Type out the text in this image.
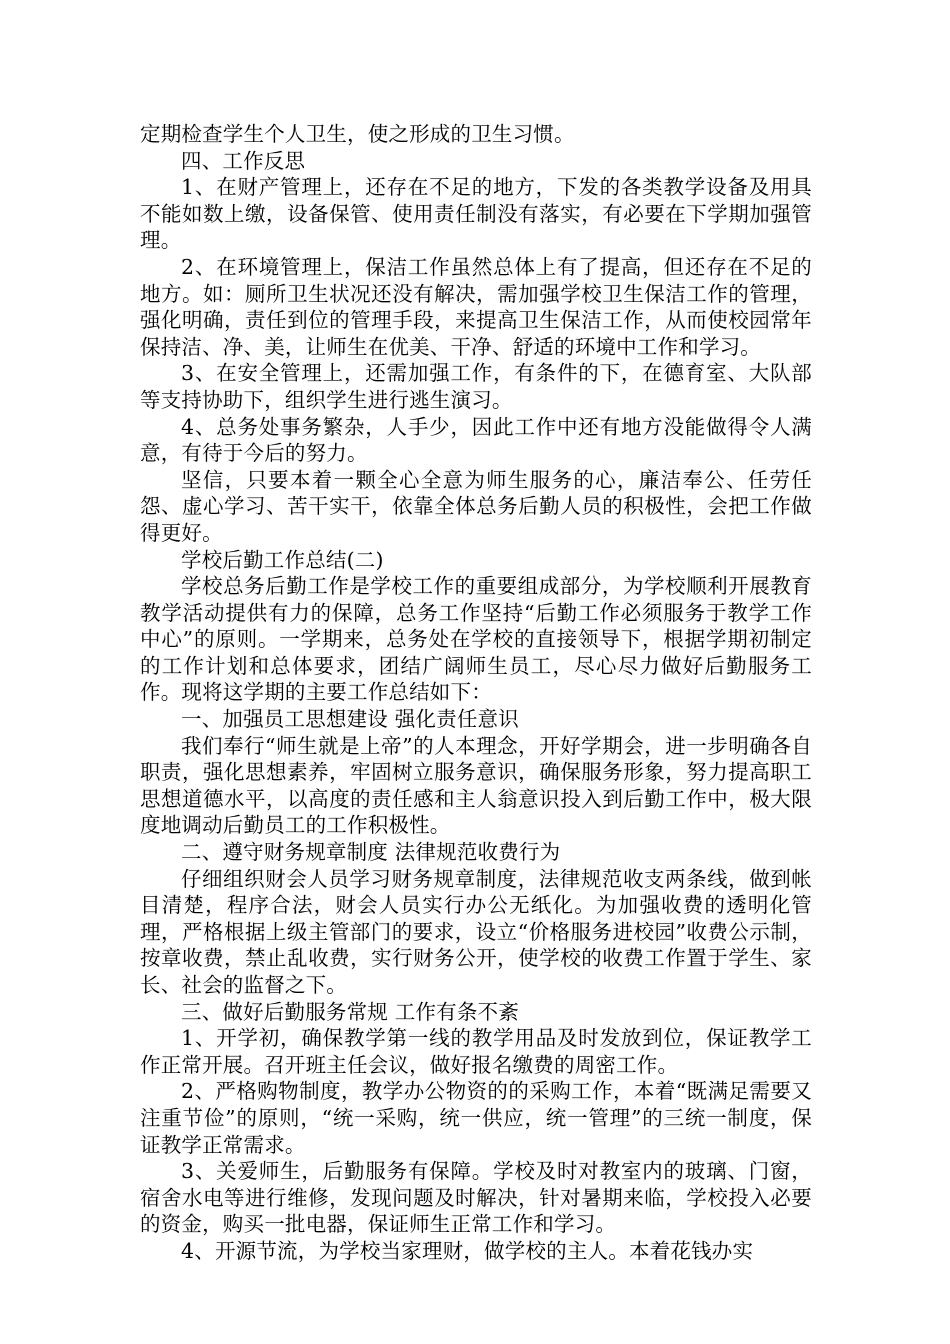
定期检查学生个人卫生，使之形成的卫生习惯。

四、工作反思

1、在财产管理上，还存在不足的地方，下发的各类教学设备及用具不能如数上缴，设备保管、使用责任制没有落实，有必要在下学期加强管理。

2、在环境管理上，保洁工作虽然总体上有了提高，但还存在不足的地方。如：厕所卫生状况还没有解决，需加强学校卫生保洁工作的管理，强化明确，责任到位的管理手段，来提高卫生保洁工作，从而使校园常年保持洁、净、美，让师生在优美、干净、舒适的环境中工作和学习。

3、在安全管理上，还需加强工作，有条件的下，在德育室、大队部等支持协助下，组织学生进行逃生演习。

4、总务处事务繁杂，人手少，因此工作中还有地方没能做得令人满意，有待于今后的努力。

坚信，只要本着一颗全心全意为师生服务的心，廉洁奉公、任劳任怨、虚心学习、苦干实干，依靠全体总务后勤人员的积极性，会把工作做得更好。

学校后勤工作总结(二)

学校总务后勤工作是学校工作的重要组成部分，为学校顺利开展教育教学活动提供有力的保障，总务工作坚持“后勤工作必须服务于教学工作中心”的原则。一学期来，总务处在学校的直接领导下，根据学期初制定的工作计划和总体要求，团结广阔师生员工，尽心尽力做好后勤服务工作。现将这学期的主要工作总结如下：

一、加强员工思想建设 强化责任意识

我们奉行“师生就是上帝”的人本理念，开好学期会，进一步明确各自职责，强化思想素养，牢固树立服务意识，确保服务形象，努力提高职工思想道德水平，以高度的责任感和主人翁意识投入到后勤工作中，极大限度地调动后勤员工的工作积极性。

二、遵守财务规章制度 法律规范收费行为

仔细组织财会人员学习财务规章制度，法律规范收支两条线，做到帐目清楚，程序合法，财会人员实行办公无纸化。为加强收费的透明化管理，严格根据上级主管部门的要求，设立“价格服务进校园”收费公示制，按章收费，禁止乱收费，实行财务公开，使学校的收费工作置于学生、家长、社会的监督之下。

三、做好后勤服务常规 工作有条不紊

1、开学初，确保教学第一线的教学用品及时发放到位，保证教学工作正常开展。召开班主任会议，做好报名缴费的周密工作。

2、严格购物制度，教学办公物资的的采购工作，本着“既满足需要又注重节俭”的原则，“统一采购，统一供应，统一管理”的三统一制度，保证教学正常需求。

3、关爱师生，后勤服务有保障。学校及时对教室内的玻璃、门窗，宿舍水电等进行维修，发现问题及时解决，针对暑期来临，学校投入必要的资金，购买一批电器，保证师生正常工作和学习。

4、开源节流，为学校当家理财，做学校的主人。本着花钱办实
